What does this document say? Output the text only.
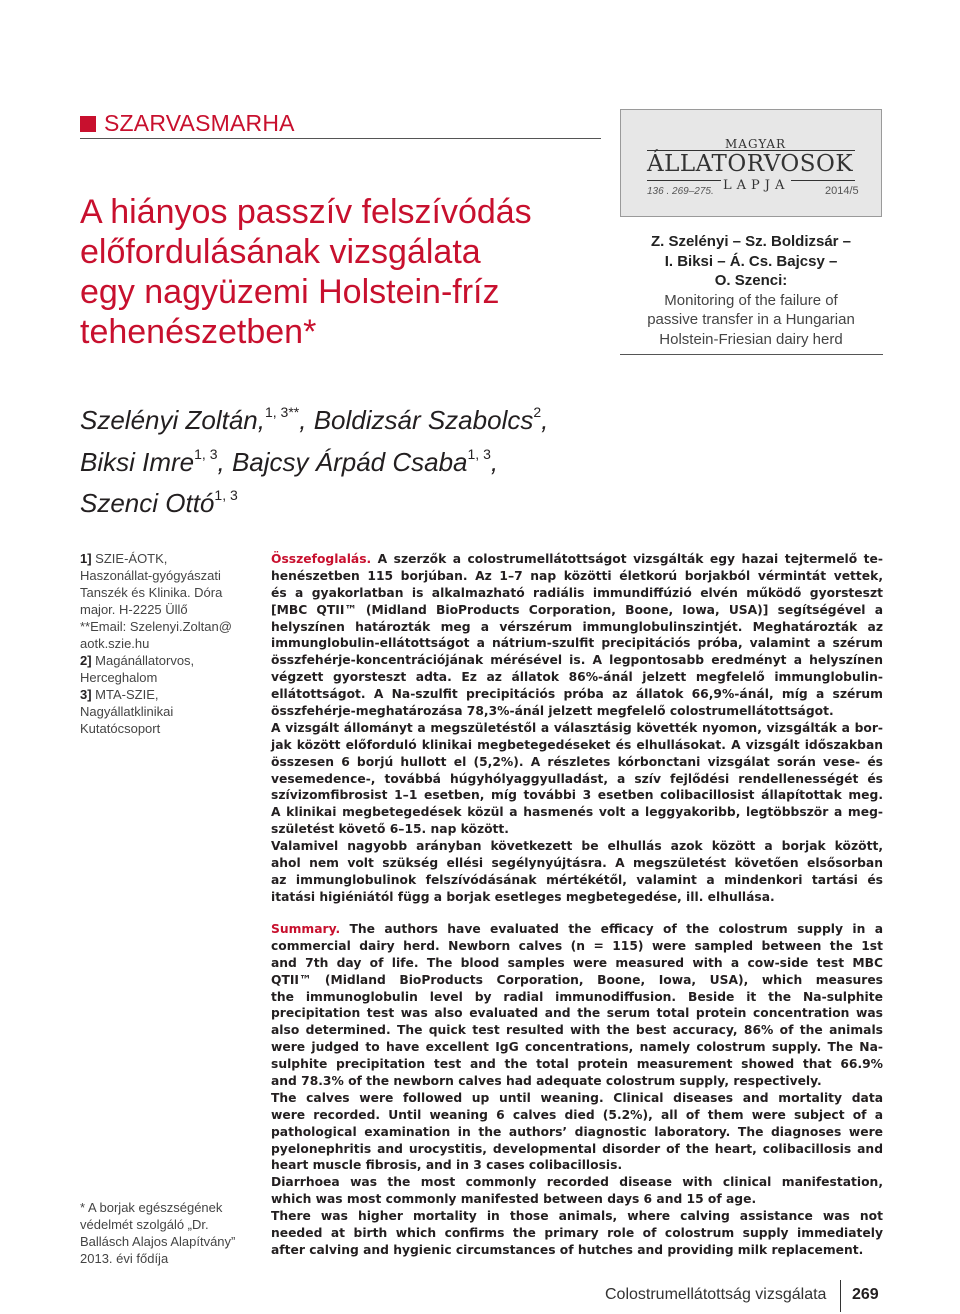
SZARVASMARHA
A hiányos passzív felszívódás
előfordulásának vizsgálata
egy nagyüzemi Holstein-fríz
tehenészetben*
MAGYAR
ÁLLATORVOSOK
LAPJA
136 . 269–275.	2014/5
Z. Szelényi – Sz. Boldizsár –
I. Biksi – Á. Cs. Bajcsy –
O. Szenci:
Monitoring of the failure of
passive transfer in a Hungarian
Holstein-Friesian dairy herd
Szelényi Zoltán,$^{1, 3**}$, Boldizsár Szabolcs$^2$,
Biksi Imre$^{1, 3}$, Bajcsy Árpád Csaba$^{1, 3}$,
Szenci Ottó$^{1, 3}$
1] SZIE-ÁOTK,
Haszonállat-gyógyászati
Tanszék és Klinika. Dóra
major. H-2225 Üllő
**Email: Szelenyi.Zoltan@
aotk.szie.hu
2] Magánállatorvos,
Herceghalom
3] MTA-SZIE,
Nagyállatklinikai
Kutatócsoport
* A borjak egészségének
védelmét szolgáló „Dr.
Ballásch Alajos Alapítvány”
2013. évi fődíja
Összefoglalás. A szerzők a colostrumellátottságot vizsgálták egy hazai tejtermelő te-
henészetben 115 borjúban. Az 1–7 nap közötti életkorú borjakból vérmintát vettek,
és a gyakorlatban is alkalmazható radiális immundiffúzió elvén működő gyorsteszt
[MBC QTII™ (Midland BioProducts Corporation, Boone, Iowa, USA)] segítségével a
helyszínen határozták meg a vérszérum immunglobulinszintjét. Meghatározták az
immunglobulin-ellátottságot a nátrium-szulfit precipitációs próba, valamint a szérum
összfehérje-koncentrációjának mérésével is. A legpontosabb eredményt a helyszínen
végzett gyorsteszt adta. Ez az állatok 86%-ánál jelzett megfelelő immunglobulin-
ellátottságot. A Na-szulfit precipitációs próba az állatok 66,9%-ánál, míg a szérum
összfehérje-meghatározása 78,3%-ánál jelzett megfelelő colostrumellátottságot.
A vizsgált állományt a megszületéstől a választásig követték nyomon, vizsgálták a bor-
jak között előforduló klinikai megbetegedéseket és elhullásokat. A vizsgált időszakban
összesen 6 borjú hullott el (5,2%). A részletes kórbonctani vizsgálat során vese- és
vesemedence-, továbbá húgyhólyaggyulladást, a szív fejlődési rendellenességét és
szívizomfibrosist 1–1 esetben, míg további 3 esetben colibacillosist állapítottak meg.
A klinikai megbetegedések közül a hasmenés volt a leggyakoribb, legtöbbször a meg-
születést követő 6–15. nap között.
Valamivel nagyobb arányban következett be elhullás azok között a borjak között,
ahol nem volt szükség ellési segélynyújtásra. A megszületést követően elsősorban
az immunglobulinok felszívódásának mértékétől, valamint a mindenkori tartási és
itatási higiéniától függ a borjak esetleges megbetegedése, ill. elhullása.
Summary. The authors have evaluated the efficacy of the colostrum supply in a
commercial dairy herd. Newborn calves (n = 115) were sampled between the 1st
and 7th day of life. The blood samples were measured with a cow-side test MBC
QTII™ (Midland BioProducts Corporation, Boone, Iowa, USA), which measures
the immunoglobulin level by radial immunodiffusion. Beside it the Na-sulphite
precipitation test was also evaluated and the serum total protein concentration was
also determined. The quick test resulted with the best accuracy, 86% of the animals
were judged to have excellent IgG concentrations, namely colostrum supply. The Na-
sulphite precipitation test and the total protein measurement showed that 66.9%
and 78.3% of the newborn calves had adequate colostrum supply, respectively.
The calves were followed up until weaning. Clinical diseases and mortality data
were recorded. Until weaning 6 calves died (5.2%), all of them were subject of a
pathological examination in the authors’ diagnostic laboratory. The diagnoses were
pyelonephritis and urocystitis, developmental disorder of the heart, colibacillosis and
heart muscle fibrosis, and in 3 cases colibacillosis.
Diarrhoea was the most commonly recorded disease with clinical manifestation,
which was most commonly manifested between days 6 and 15 of age.
There was higher mortality in those animals, where calving assistance was not
needed at birth which confirms the primary role of colostrum supply immediately
after calving and hygienic circumstances of hutches and providing milk replacement.
Colostrumellátottság vizsgálata 269
